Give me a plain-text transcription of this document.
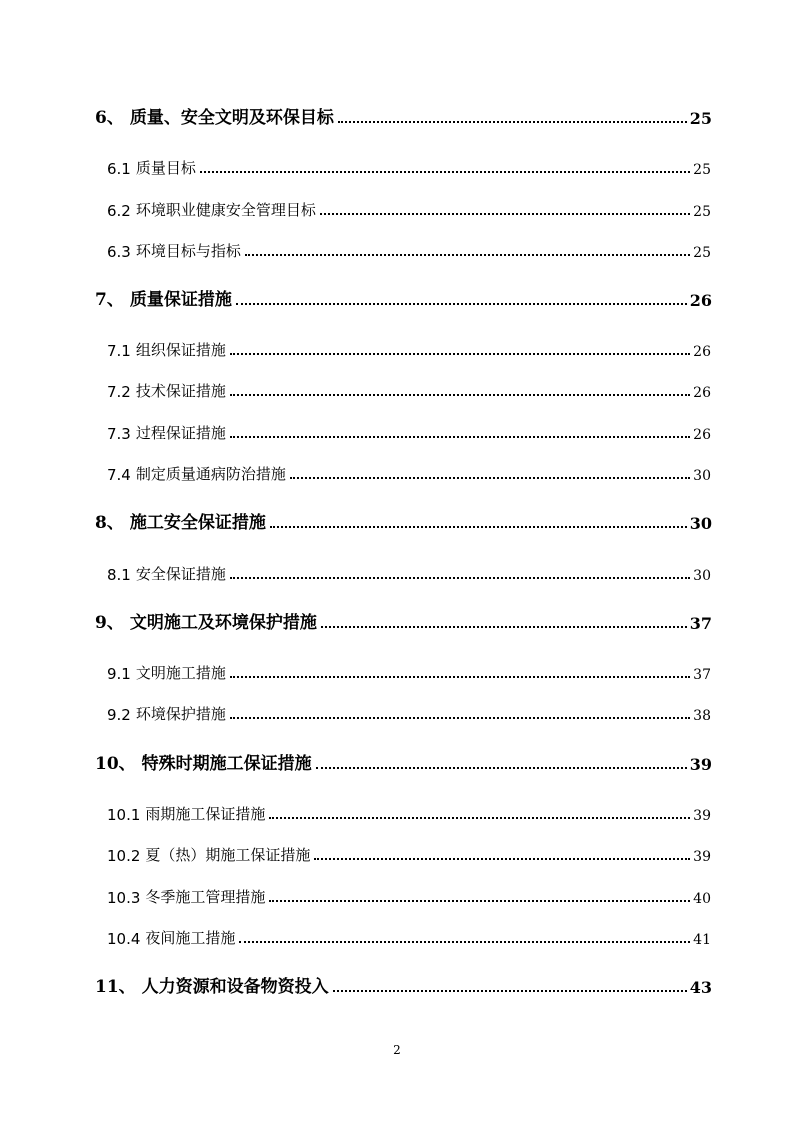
6、 质量、安全文明及环保目标	25
6.1 质量目标	25
6.2 环境职业健康安全管理目标	25
6.3 环境目标与指标	25
7、 质量保证措施	26
7.1 组织保证措施	26
7.2 技术保证措施	26
7.3 过程保证措施	26
7.4 制定质量通病防治措施	30
8、 施工安全保证措施	30
8.1 安全保证措施	30
9、 文明施工及环境保护措施	37
9.1 文明施工措施	37
9.2 环境保护措施	38
10、 特殊时期施工保证措施	39
10.1 雨期施工保证措施	39
10.2 夏（热）期施工保证措施	39
10.3 冬季施工管理措施	40
10.4 夜间施工措施	41
11、 人力资源和设备物资投入	43
2
